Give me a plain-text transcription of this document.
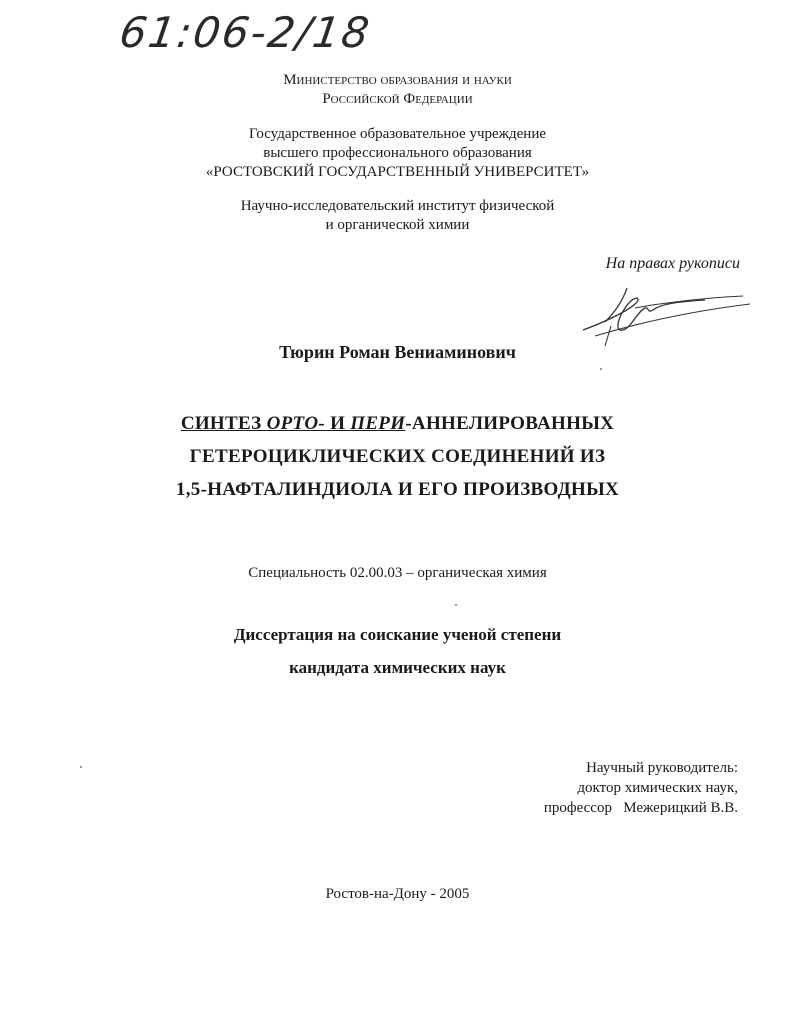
61:06-2/18
Министерство образования и науки
Российской Федерации
Государственное образовательное учреждение
высшего профессионального образования
«РОСТОВСКИЙ ГОСУДАРСТВЕННЫЙ УНИВЕРСИТЕТ»
Научно-исследовательский институт физической
и органической химии
На правах рукописи
Тюрин Роман Вениаминович
СИНТЕЗ ОРТО- И ПЕРИ-АННЕЛИРОВАННЫХ
ГЕТЕРОЦИКЛИЧЕСКИХ СОЕДИНЕНИЙ ИЗ
1,5-НАФТАЛИНДИОЛА И ЕГО ПРОИЗВОДНЫХ
Специальность 02.00.03 – органическая химия
Диссертация на соискание ученой степени
кандидата химических наук
Научный руководитель:
доктор химических наук,
профессор   Межерицкий В.В.
Ростов-на-Дону - 2005
